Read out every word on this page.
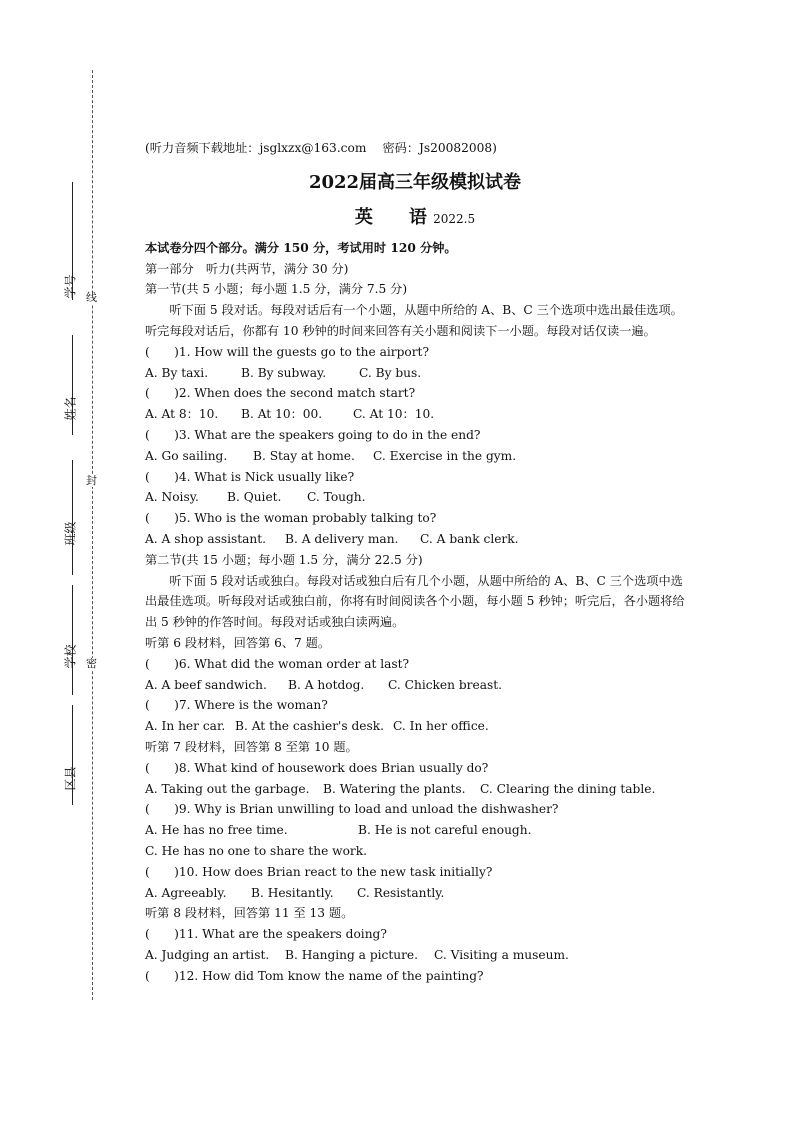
线
封
密
学号
姓名
班级
学校
区县
(听力音频下载地址：jsglxzx@163.com　 密码：Js20082008)
2022届高三年级模拟试卷
英　　语 2022.5
本试卷分四个部分。满分 150 分，考试用时 120 分钟。
第一部分　听力(共两节，满分 30 分)
第一节(共 5 小题；每小题 1.5 分，满分 7.5 分)
听下面 5 段对话。每段对话后有一个小题，从题中所给的 A、B、C 三个选项中选出最佳选项。听完每段对话后，你都有 10 秒钟的时间来回答有关小题和阅读下一小题。每段对话仅读一遍。
(　　)1. How will the guests go to the airport?
A. By taxi.	B. By subway.	C. By bus.
(　　)2. When does the second match start?
A. At 8：10. B. At 10：00.	C. At 10：10.
(　　)3. What are the speakers going to do in the end?
A. Go sailing. B. Stay at home. C. Exercise in the gym.
(　　)4. What is Nick usually like?
A. Noisy. B. Quiet. C. Tough.
(　　)5. Who is the woman probably talking to?
A. A shop assistant. B. A delivery man. C. A bank clerk.
第二节(共 15 小题；每小题 1.5 分，满分 22.5 分)
听下面 5 段对话或独白。每段对话或独白后有几个小题，从题中所给的 A、B、C 三个选项中选出最佳选项。听每段对话或独白前，你将有时间阅读各个小题，每小题 5 秒钟；听完后，各小题将给出 5 秒钟的作答时间。每段对话或独白读两遍。
听第 6 段材料，回答第 6、7 题。
(　　)6. What did the woman order at last?
A. A beef sandwich. B. A hotdog. C. Chicken breast.
(　　)7. Where is the woman?
A. In her car. B. At the cashier's desk. C. In her office.
听第 7 段材料，回答第 8 至第 10 题。
(　　)8. What kind of housework does Brian usually do?
A. Taking out the garbage. B. Watering the plants. C. Clearing the dining table.
(　　)9. Why is Brian unwilling to load and unload the dishwasher?
A. He has no free time.	B. He is not careful enough.
C. He has no one to share the work.
(　　)10. How does Brian react to the new task initially?
A. Agreeably. B. Hesitantly. C. Resistantly.
听第 8 段材料，回答第 11 至 13 题。
(　　)11. What are the speakers doing?
A. Judging an artist. B. Hanging a picture. C. Visiting a museum.
(　　)12. How did Tom know the name of the painting?
